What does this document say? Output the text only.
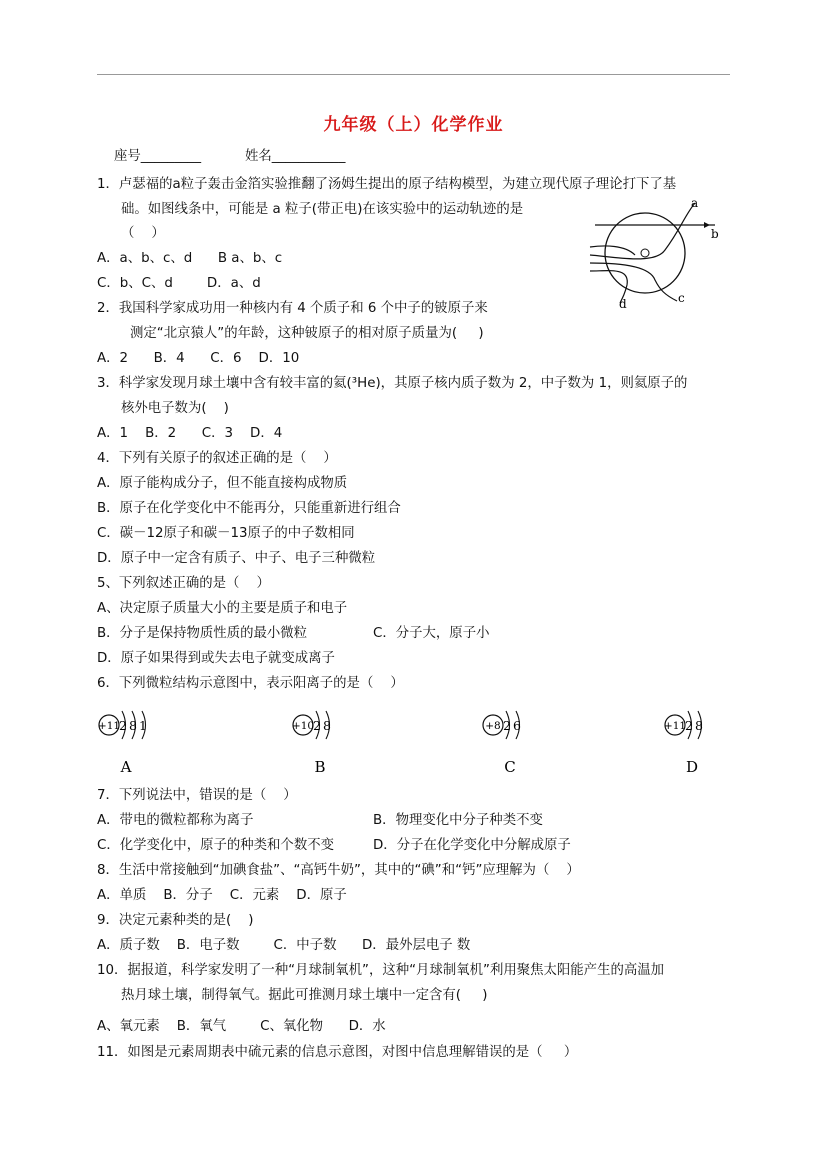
九年级（上）化学作业
座号_________	姓名___________
1．卢瑟福的a粒子轰击金箔实验推翻了汤姆生提出的原子结构模型，为建立现代原子理论打下了基
础。如图线条中，可能是 a 粒子(带正电)在该实验中的运动轨迹的是
（    ）
A．a、b、c、d      B a、b、c
C．b、C、d        D．a、d
2．我国科学家成功用一种核内有 4 个质子和 6 个中子的铍原子来
测定“北京猿人”的年龄，这种铍原子的相对原子质量为(     )
A．2      B．4      C．6    D．10
3．科学家发现月球土壤中含有较丰富的氦(³He)，其原子核内质子数为 2，中子数为 1，则氦原子的
核外电子数为(    )
A．1    B．2      C．3    D．4
4．下列有关原子的叙述正确的是（    ）
A．原子能构成分子，但不能直接构成物质
B．原子在化学变化中不能再分，只能重新进行组合
C．碳－12原子和碳－13原子的中子数相同
D．原子中一定含有质子、中子、电子三种微粒
5、下列叙述正确的是（    ）
A、决定原子质量大小的主要是质子和电子
B．分子是保持物质性质的最小微粒	C．分子大，原子小
D．原子如果得到或失去电子就变成离子
6．下列微粒结构示意图中，表示阳离子的是（    ）
7．下列说法中，错误的是（    ）
A．带电的微粒都称为离子	B．物理变化中分子种类不变
C．化学变化中，原子的种类和个数不变	D．分子在化学变化中分解成原子
8．生活中常接触到“加碘食盐”、“高钙牛奶”，其中的“碘”和“钙”应理解为（    ）
A．单质    B．分子    C．元素    D．原子
9．决定元素种类的是(    )
A．质子数    B．电子数        C．中子数      D．最外层电子 数
10．据报道，科学家发明了一种“月球制氧机”，这种“月球制氧机”利用聚焦太阳能产生的高温加
热月球土壤，制得氧气。据此可推测月球土壤中一定含有(     )
A、氧元素    B．氧气        C、氧化物      D．水
11．如图是元素周期表中硫元素的信息示意图，对图中信息理解错误的是（     ）
a
b
c
d
+11
2 8 1
A
+10
2 8
B
+8 2 6
C
+11
2 8
D
